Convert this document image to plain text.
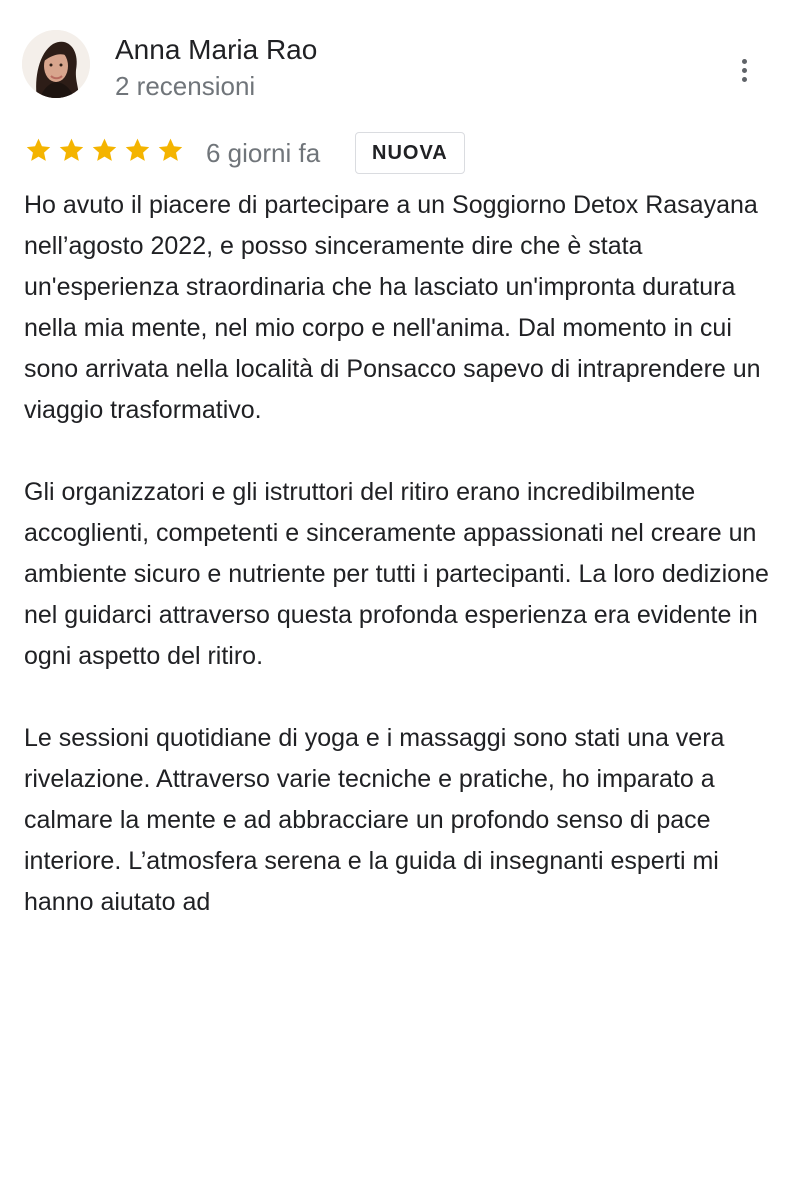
Anna Maria Rao
2 recensioni
6 giorni fa	NUOVA

Ho avuto il piacere di partecipare a un Soggiorno Detox Rasayana nell’agosto 2022, e posso sinceramente dire che è stata un'esperienza straordinaria che ha lasciato un'impronta duratura nella mia mente, nel mio corpo e nell'anima. Dal momento in cui sono arrivata nella località di Ponsacco sapevo di intraprendere un viaggio trasformativo.

Gli organizzatori e gli istruttori del ritiro erano incredibilmente accoglienti, competenti e sinceramente appassionati nel creare un ambiente sicuro e nutriente per tutti i partecipanti. La loro dedizione nel guidarci attraverso questa profonda esperienza era evidente in ogni aspetto del ritiro.

Le sessioni quotidiane di yoga e i massaggi sono stati una vera rivelazione. Attraverso varie tecniche e pratiche, ho imparato a calmare la mente e ad abbracciare un profondo senso di pace interiore. L’atmosfera serena e la guida di insegnanti esperti mi hanno aiutato ad
